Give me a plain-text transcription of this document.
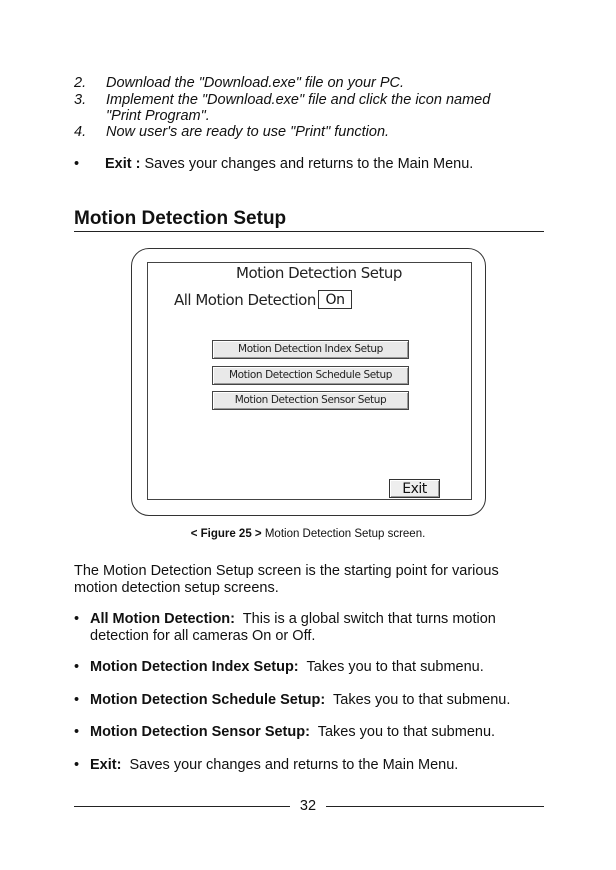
2. Download the "Download.exe" file on your PC.
3. Implement the "Download.exe" file and click the icon named
"Print Program".
4. Now user's are ready to use "Print" function.
• Exit : Saves your changes and returns to the Main Menu.
Motion Detection Setup
Motion Detection Setup
All Motion Detection On
Motion Detection Index Setup
Motion Detection Schedule Setup
Motion Detection Sensor Setup
Exit
< Figure 25 > Motion Detection Setup screen.
The Motion Detection Setup screen is the starting point for various
motion detection setup screens.
• All Motion Detection: This is a global switch that turns motion
detection for all cameras On or Off.
• Motion Detection Index Setup: Takes you to that submenu.
• Motion Detection Schedule Setup: Takes you to that submenu.
• Motion Detection Sensor Setup: Takes you to that submenu.
• Exit: Saves your changes and returns to the Main Menu.
32
